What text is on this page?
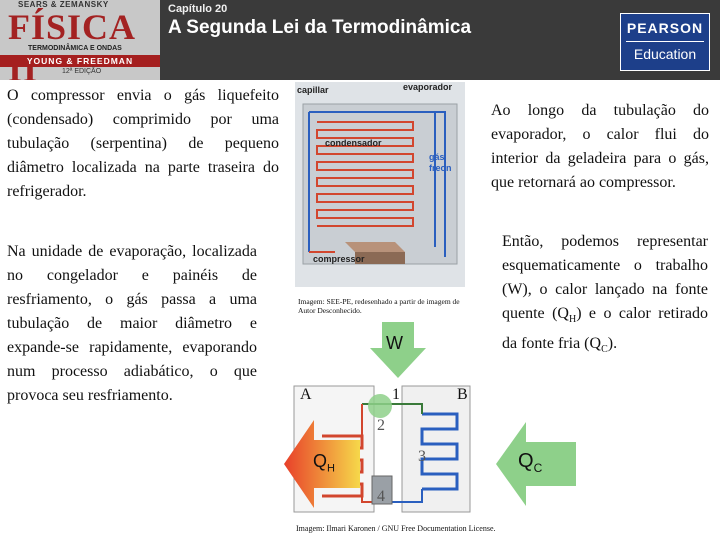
SEARS & ZEMANSKY
FÍSICA
TERMODINÂMICA E ONDAS
YOUNG & FREEDMAN
12ª EDIÇÃO
Capítulo 20
A Segunda Lei da Termodinâmica	PEARSON
Education
O compressor envia o gás liquefeito (condensado) comprimido por uma tubulação (serpentina) de pequeno diâmetro localizada na parte traseira do refrigerador.
Na unidade de evaporação, localizada no congelador e painéis de resfriamento, o gás passa a uma tubulação de maior diâmetro e expande-se rapidamente, evaporando num processo adiabático, o que provoca seu resfriamento.
Ao longo da tubulação do evaporador, o calor flui do interior da geladeira para o gás, que retornará ao compressor.
Então, podemos representar esquematicamente o trabalho (W), o calor lançado na fonte quente $(Q_H)$ e o calor retirado da fonte fria $(Q_C)$.
capillar	evaporador
condensador
gás
freon
compressor
Imagem: SEE-PE, redesenhado a partir de imagem de Autor Desconhecido.
W
$Q_H$	$Q_C$
A	B
1
2
3
4
Imagem: Ilmari Karonen / GNU Free Documentation License.
